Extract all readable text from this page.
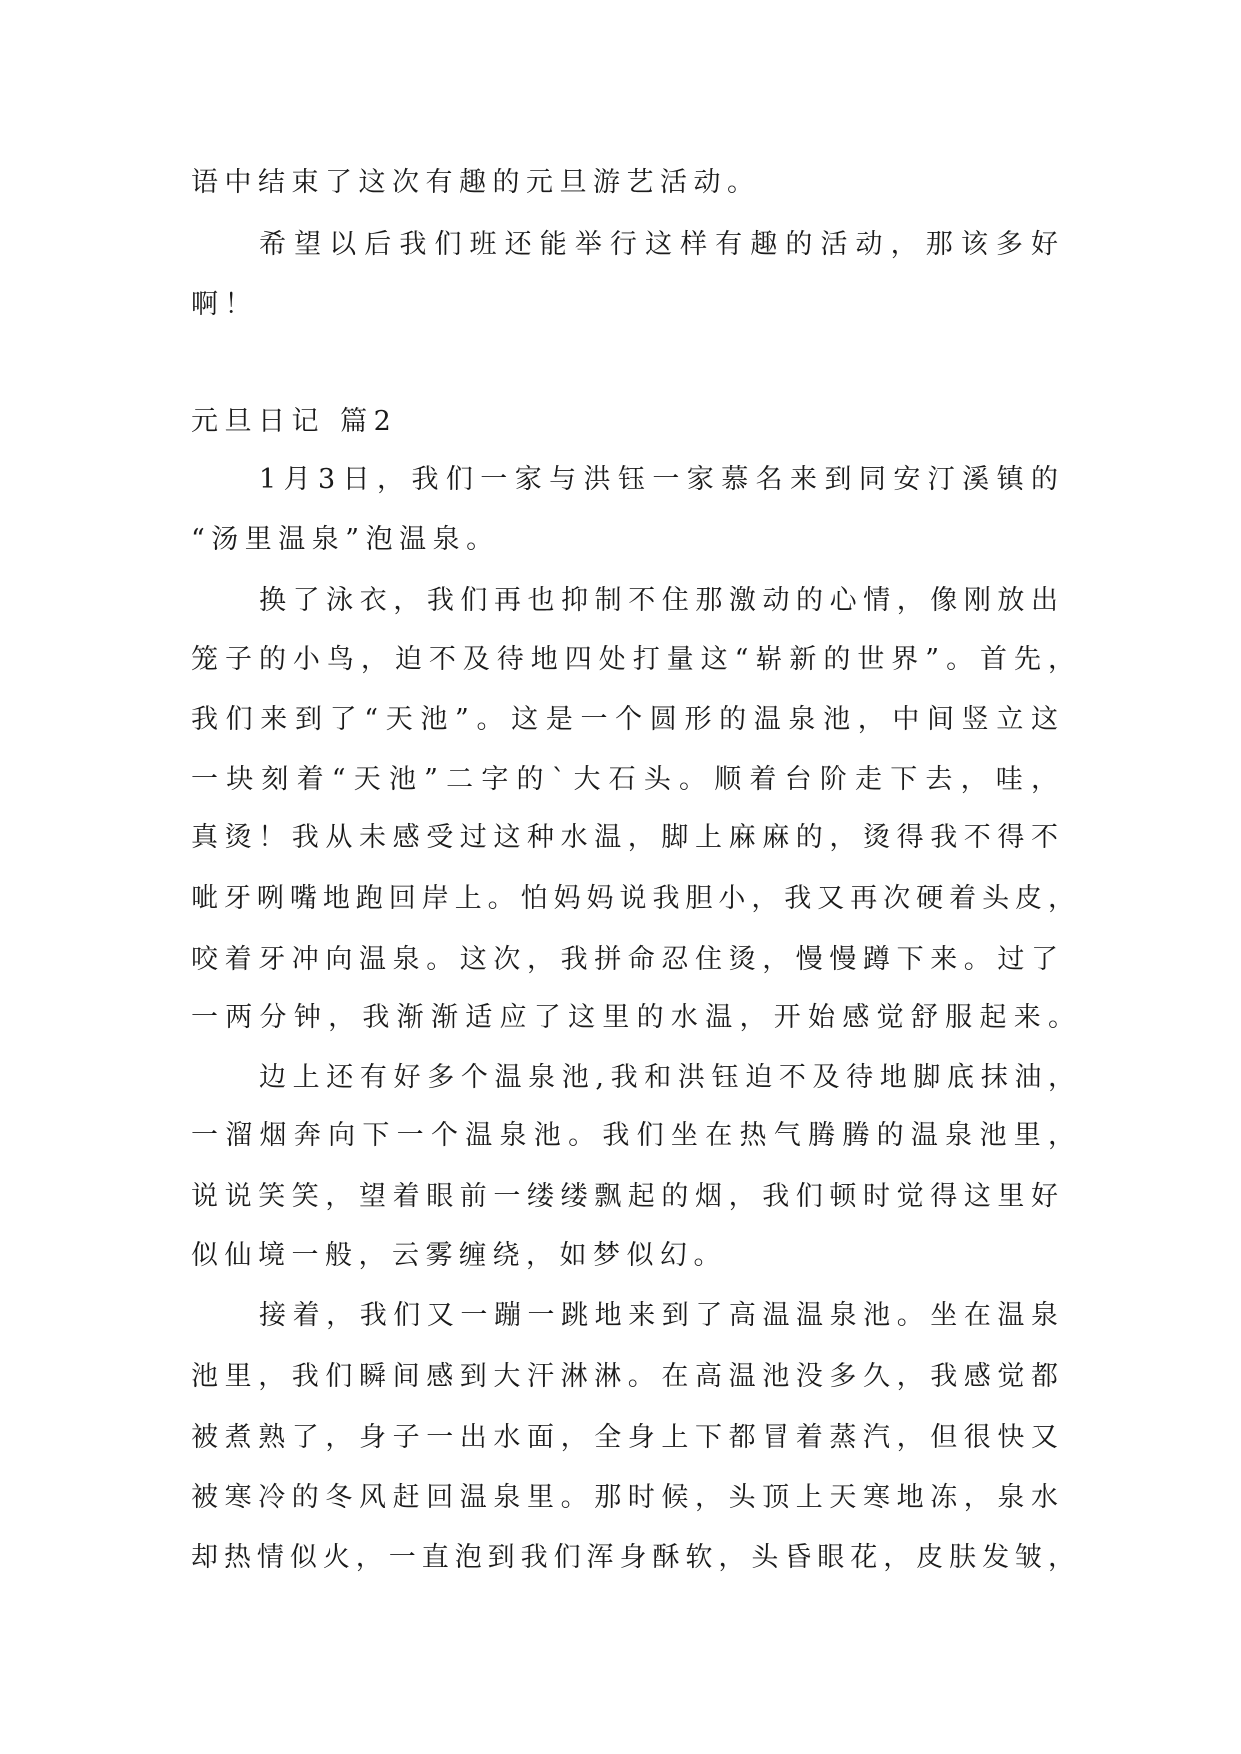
语中结束了这次有趣的元旦游艺活动。
希望以后我们班还能举行这样有趣的活动，那该多好
啊！
元旦日记 篇2
1月3日，我们一家与洪钰一家慕名来到同安汀溪镇的
“汤里温泉”泡温泉。
换了泳衣，我们再也抑制不住那激动的心情，像刚放出
笼子的小鸟，迫不及待地四处打量这“崭新的世界”。首先，
我们来到了“天池”。这是一个圆形的温泉池，中间竖立这
一块刻着“天池”二字的`大石头。顺着台阶走下去，哇，
真烫！我从未感受过这种水温，脚上麻麻的，烫得我不得不
呲牙咧嘴地跑回岸上。怕妈妈说我胆小，我又再次硬着头皮，
咬着牙冲向温泉。这次，我拼命忍住烫，慢慢蹲下来。过了
一两分钟，我渐渐适应了这里的水温，开始感觉舒服起来。
边上还有好多个温泉池,我和洪钰迫不及待地脚底抹油，
一溜烟奔向下一个温泉池。我们坐在热气腾腾的温泉池里，
说说笑笑，望着眼前一缕缕飘起的烟，我们顿时觉得这里好
似仙境一般，云雾缠绕，如梦似幻。
接着，我们又一蹦一跳地来到了高温温泉池。坐在温泉
池里，我们瞬间感到大汗淋淋。在高温池没多久，我感觉都
被煮熟了，身子一出水面，全身上下都冒着蒸汽，但很快又
被寒冷的冬风赶回温泉里。那时候，头顶上天寒地冻，泉水
却热情似火，一直泡到我们浑身酥软，头昏眼花，皮肤发皱，
